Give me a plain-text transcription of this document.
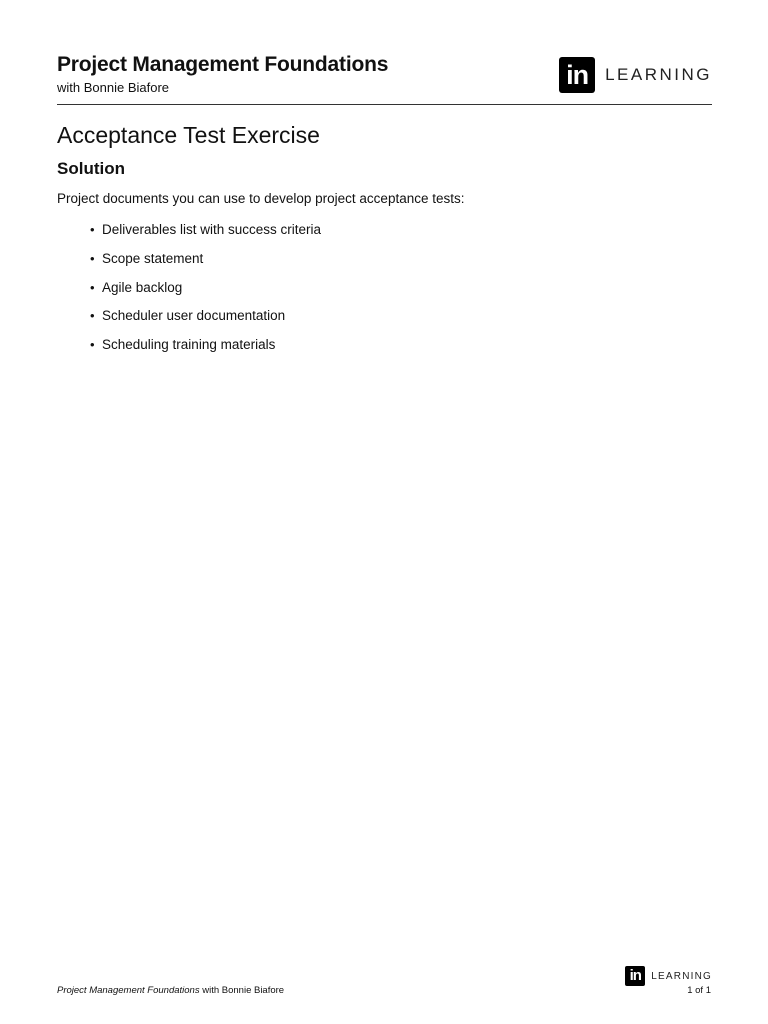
Project Management Foundations
with Bonnie Biafore	in	LEARNING
Acceptance Test Exercise
Solution

Project documents you can use to develop project acceptance tests:

• Deliverables list with success criteria
• Scope statement
• Agile backlog
• Scheduler user documentation
• Scheduling training materials
Project Management Foundations with Bonnie Biafore
in	LEARNING
1 of 1
